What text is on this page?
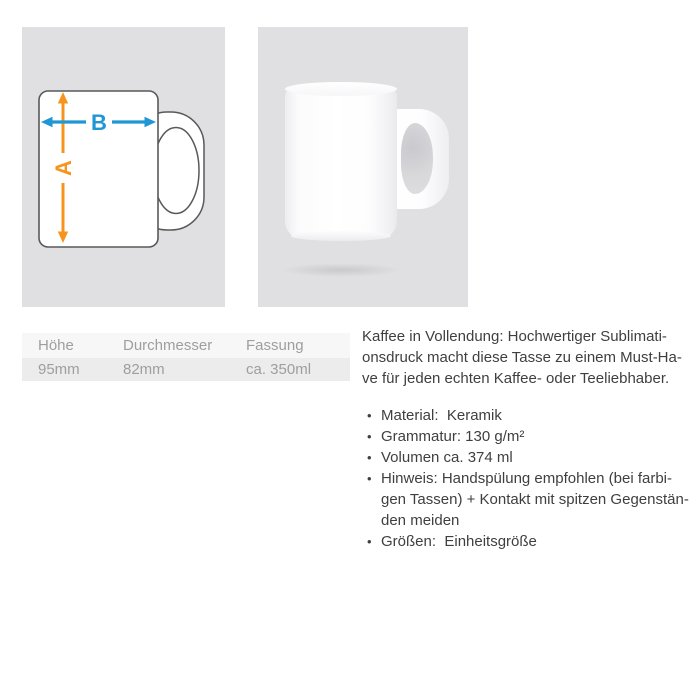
A
B
Höhe	Durchmesser	Fassung
95mm	82mm	ca. 350ml
Kaffee in Vollendung: Hochwertiger Sublimati-
onsdruck macht diese Tasse zu einem Must-Ha-
ve für jeden echten Kaffee- oder Teeliebhaber.
• Material:  Keramik
• Grammatur: 130 g/m²
• Volumen ca. 374 ml
• Hinweis: Handspülung empfohlen (bei farbi-
gen Tassen) + Kontakt mit spitzen Gegenstän-
den meiden
• Größen:  Einheitsgröße
